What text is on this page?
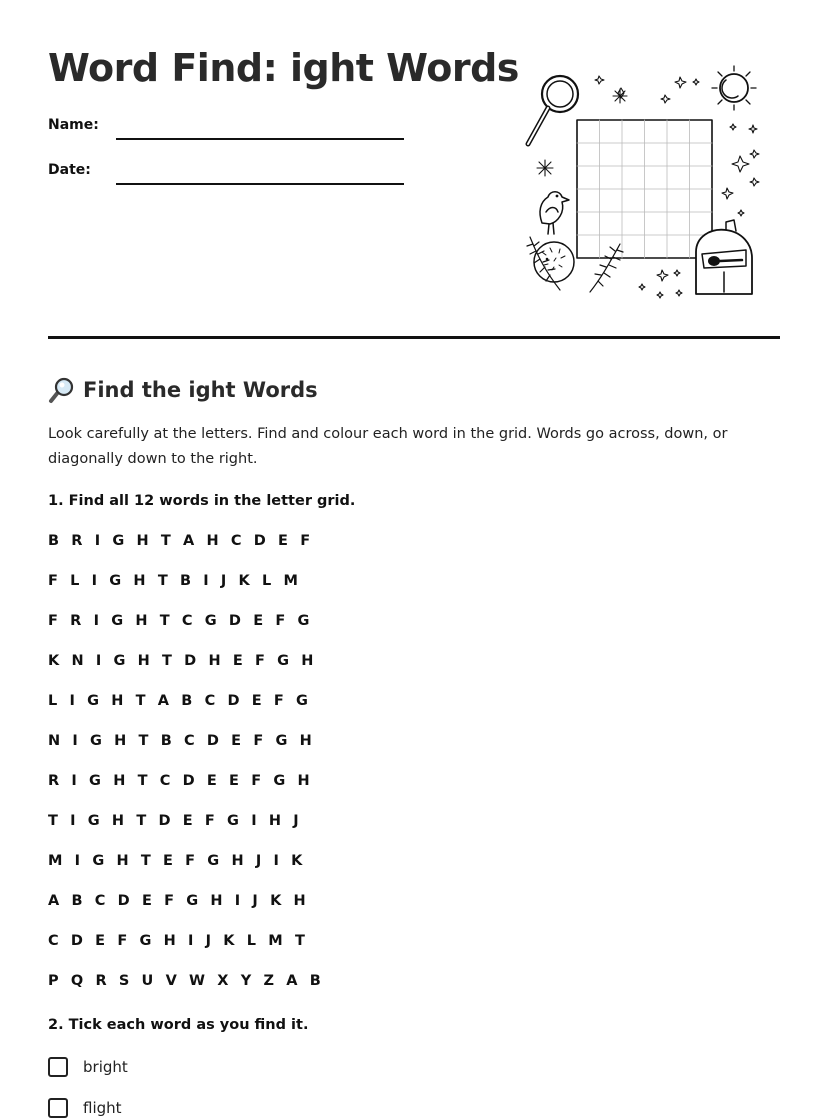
Word Find: ight Words
Name:
Date:
Find the ight Words
Look carefully at the letters. Find and colour each word in the grid. Words go across, down, or diagonally down to the right.
1. Find all 12 words in the letter grid.
B R I G H T A H C D E F
F L I G H T B I J K L M
F R I G H T C G D E F G
K N I G H T D H E F G H
L I G H T A B C D E F G
N I G H T B C D E F G H
R I G H T C D E E F G H
T I G H T D E F G I H J
M I G H T E F G H J I K
A B C D E F G H I J K H
C D E F G H I J K L M T
P Q R S U V W X Y Z A B
2. Tick each word as you find it.
bright
flight
